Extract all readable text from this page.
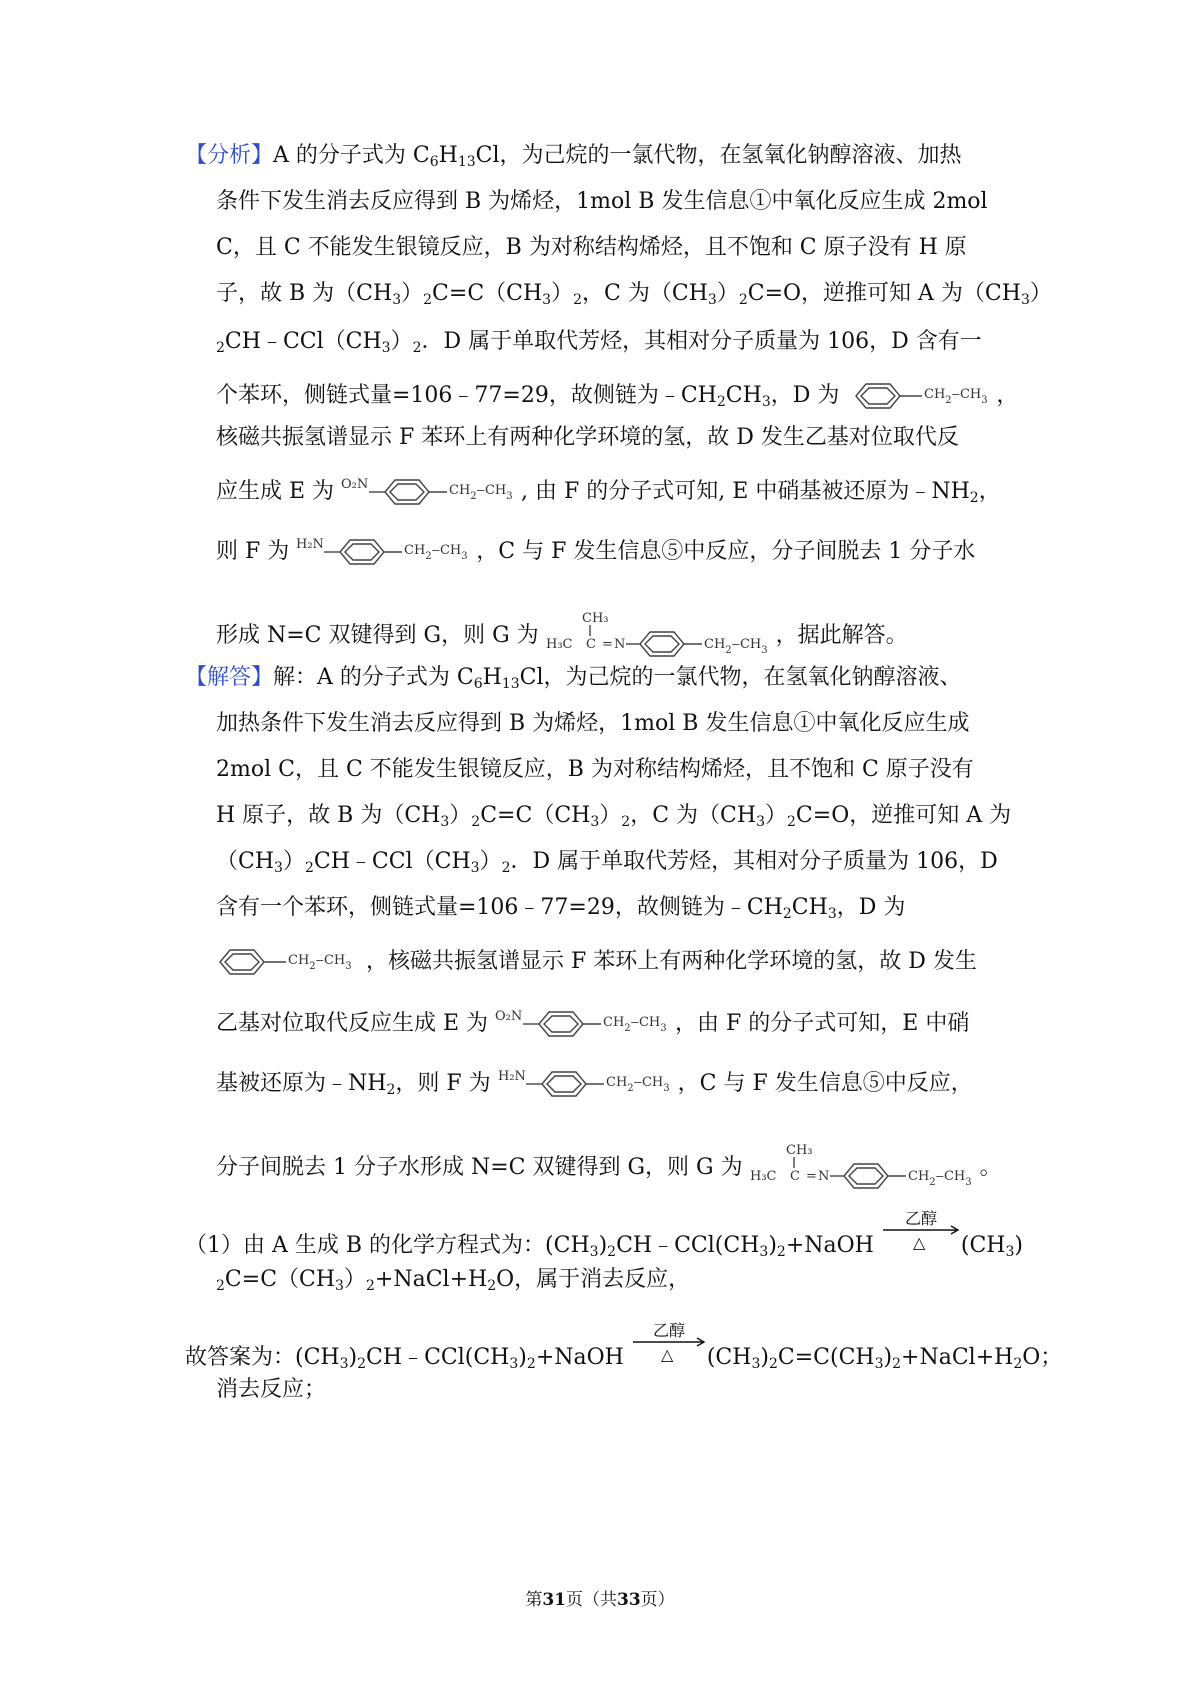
【分析】A 的分子式为 $C_6H_{13}Cl$，为己烷的一氯代物，在氢氧化钠醇溶液、加热
条件下发生消去反应得到 B 为烯烃，1mol B 发生信息①中氧化反应生成 2mol
C，且 C 不能发生银镜反应，B 为对称结构烯烃，且不饱和 C 原子没有 H 原
子，故 B 为$(CH_3)_2C=C(CH_3)_2$，C 为$(CH_3)_2C=O$，逆推可知 A 为$(CH_3)$
$_2CH﹣CCl(CH_3)_2$．D 属于单取代芳烃，其相对分子质量为 106，D 含有一
个苯环，侧链式量=106﹣77=29，故侧链为$﹣CH_2CH_3$，D 为	$CH_2‒CH_3$ ，
核磁共振氢谱显示 F 苯环上有两种化学环境的氢，故 D 发生乙基对位取代反
应生成 E 为 O₂N	$CH_2‒CH_3$ , 由 F 的分子式可知, E 中硝基被还原为$﹣NH_2$，
则 F 为 H₂N	$CH_2‒CH_3$ ，C 与 F 发生信息⑤中反应，分子间脱去 1 分子水
形成 N=C 双键得到 G，则 G 为
CH₃
H₃C C = N	$CH_2‒CH_3$
，据此解答。
【解答】解：A 的分子式为 $C_6H_{13}Cl$，为己烷的一氯代物，在氢氧化钠醇溶液、
加热条件下发生消去反应得到 B 为烯烃，1mol B 发生信息①中氧化反应生成
2mol C，且 C 不能发生银镜反应，B 为对称结构烯烃，且不饱和 C 原子没有
H 原子，故 B 为$(CH_3)_2C=C(CH_3)_2$，C 为$(CH_3)_2C=O$，逆推可知 A 为
$(CH_3)_2CH﹣CCl(CH_3)_2$．D 属于单取代芳烃，其相对分子质量为 106，D
含有一个苯环，侧链式量=106﹣77=29，故侧链为$﹣CH_2CH_3$，D 为
$CH_2‒CH_3$ ，核磁共振氢谱显示 F 苯环上有两种化学环境的氢，故 D 发生
乙基对位取代反应生成 E 为 O₂N	$CH_2‒CH_3$ ，由 F 的分子式可知，E 中硝
基被还原为$﹣NH_2$，则 F 为 H₂N	$CH_2‒CH_3$ ，C 与 F 发生信息⑤中反应，
分子间脱去 1 分子水形成 N=C 双键得到 G，则 G 为
CH₃
H₃C C = N	$CH_2‒CH_3$
。
（1）由 A 生成 B 的化学方程式为：$(CH_3)_2CH﹣CCl(CH_3)_2+NaOH$
乙醇
△ $(CH_3)$
$_2C=C(CH_3)_2+NaCl+H_2O$，属于消去反应，
故答案为：$(CH_3)_2CH﹣CCl(CH_3)_2+NaOH$
乙醇
△ $(CH_3)_2C=C(CH_3)_2+NaCl+H_2O$；
消去反应；
第31页（共33页）
